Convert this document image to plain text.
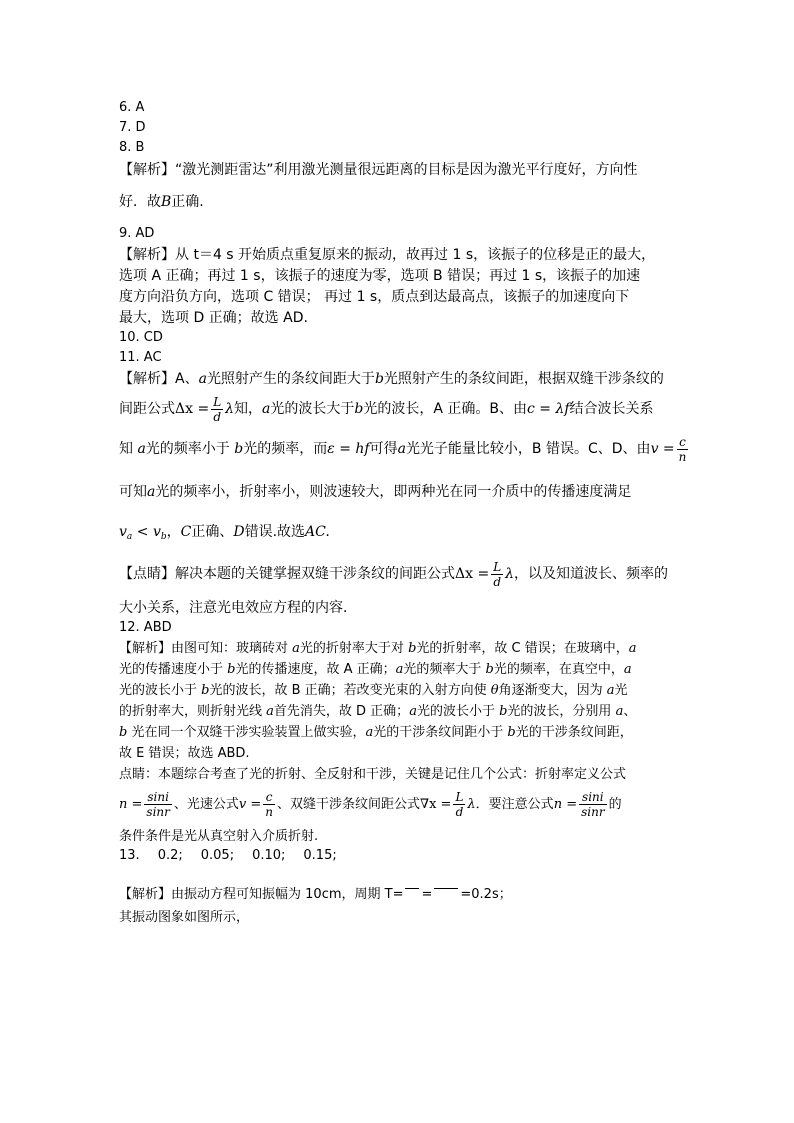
6. A
7. D
8. B
【解析】“激光测距雷达”利用激光测量很远距离的目标是因为激光平行度好，方向性
好．故B正确.
9. AD
【解析】从 t＝4 s 开始质点重复原来的振动，故再过 1 s，该振子的位移是正的最大，
选项 A 正确；再过 1 s，该振子的速度为零，选项 B 错误；再过 1 s，该振子的加速
度方向沿负方向，选项 C 错误； 再过 1 s，质点到达最高点，该振子的加速度向下
最大，选项 D 正确；故选 AD.
10. CD
11. AC
【解析】A、a光照射产生的条纹间距大于b光照射产生的条纹间距，根据双缝干涉条纹的
间距公式$\Delta x = \frac{L}{d}$ λ知，a光的波长大于b光的波长，A 正确。B、由c = λf结合波长关系
知 a光的频率小于 b光的频率，而ε = hf可得a光光子能量比较小，B 错误。C、D、由$v = \frac{c}{n}$
可知a光的频率小，折射率小，则波速较大，即两种光在同一介质中的传播速度满足
$v_a < v_b$，C正确、D错误.故选AC.
【点睛】解决本题的关键掌握双缝干涉条纹的间距公式$\Delta x = \frac{L}{d}$ λ，以及知道波长、频率的
大小关系，注意光电效应方程的内容.
12. ABD
【解析】由图可知：玻璃砖对 a光的折射率大于对 b光的折射率，故 C 错误；在玻璃中，a
光的传播速度小于 b光的传播速度，故 A 正确；a光的频率大于 b光的频率，在真空中，a
光的波长小于 b光的波长，故 B 正确；若改变光束的入射方向使 θ角逐渐变大，因为 a光
的折射率大，则折射光线 a首先消失，故 D 正确；a光的波长小于 b光的波长，分别用 a、
b 光在同一个双缝干涉实验装置上做实验，a光的干涉条纹间距小于 b光的干涉条纹间距，
故 E 错误；故选 ABD.
点睛：本题综合考查了光的折射、全反射和干涉，关键是记住几个公式：折射率定义公式
$n = \frac{\sin i}{\sin r}$ 、光速公式$v = \frac{c}{n}$ 、双缝干涉条纹间距公式$\nabla x = \frac{L}{d}$ λ．要注意公式$n = \frac{\sin i}{\sin r}$ 的
条件条件是光从真空射入介质折射.
13. 0.2; 0.05; 0.10; 0.15;
【解析】由振动方程可知振幅为 10cm，周期 T= = =0.2s；
其振动图象如图所示，
